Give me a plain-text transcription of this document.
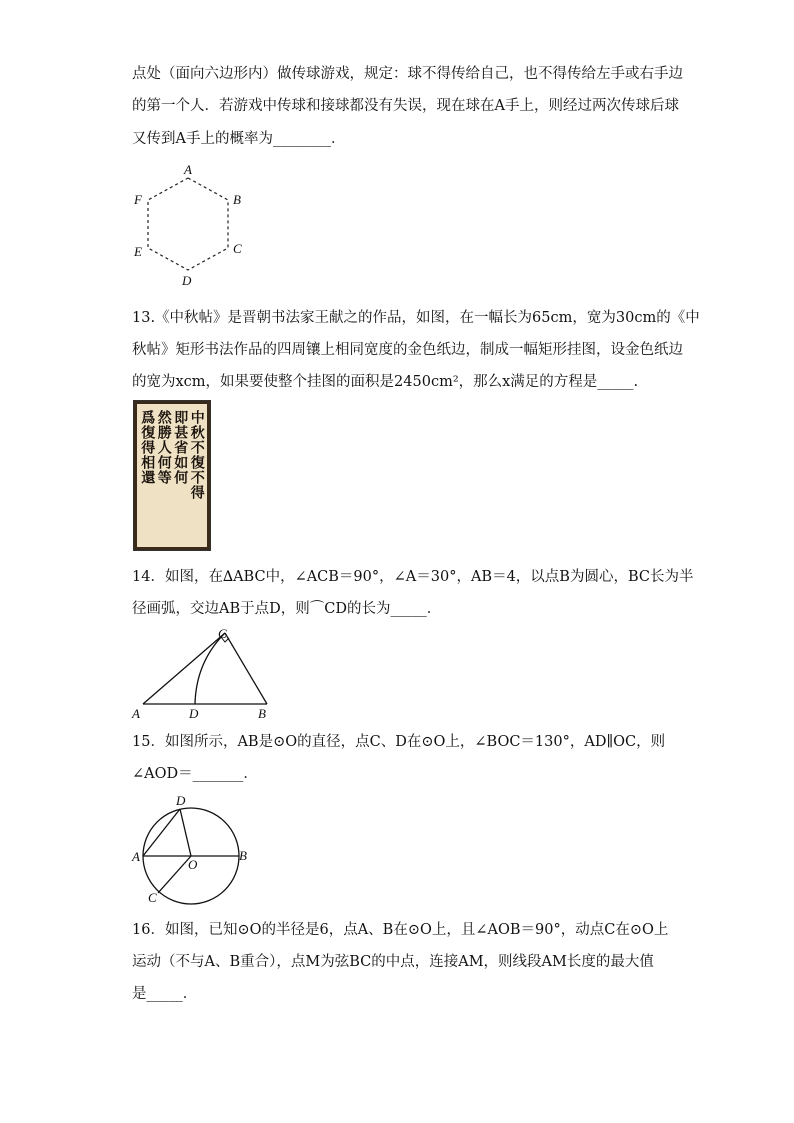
点处（面向六边形内）做传球游戏，规定：球不得传给自己，也不得传给左手或右手边
的第一个人．若游戏中传球和接球都没有失误，现在球在A手上，则经过两次传球后球
又传到A手上的概率为________．
A
B
C
D
E
F
13.《中秋帖》是晋朝书法家王献之的作品，如图，在一幅长为65cm，宽为30cm的《中
秋帖》矩形书法作品的四周镶上相同宽度的金色纸边，制成一幅矩形挂图，设金色纸边
的宽为xcm，如果要使整个挂图的面积是2450cm²，那么x满足的方程是_____.
中秋不復不得
即甚省如何
然勝人何等
爲復得相還
14．如图，在∆ABC中，∠ACB＝90°，∠A＝30°，AB＝4，以点B为圆心，BC长为半
径画弧，交边AB于点D，则⌒CD的长为_____．
C
A	D	B
15．如图所示，AB是⊙O的直径，点C、D在⊙O上，∠BOC＝130°，AD∥OC，则
∠AOD＝_______．
D
A
O
B
C
16．如图，已知⊙O的半径是6，点A、B在⊙O上，且∠AOB＝90°，动点C在⊙O上
运动（不与A、B重合），点M为弦BC的中点，连接AM，则线段AM长度的最大值
是_____．
